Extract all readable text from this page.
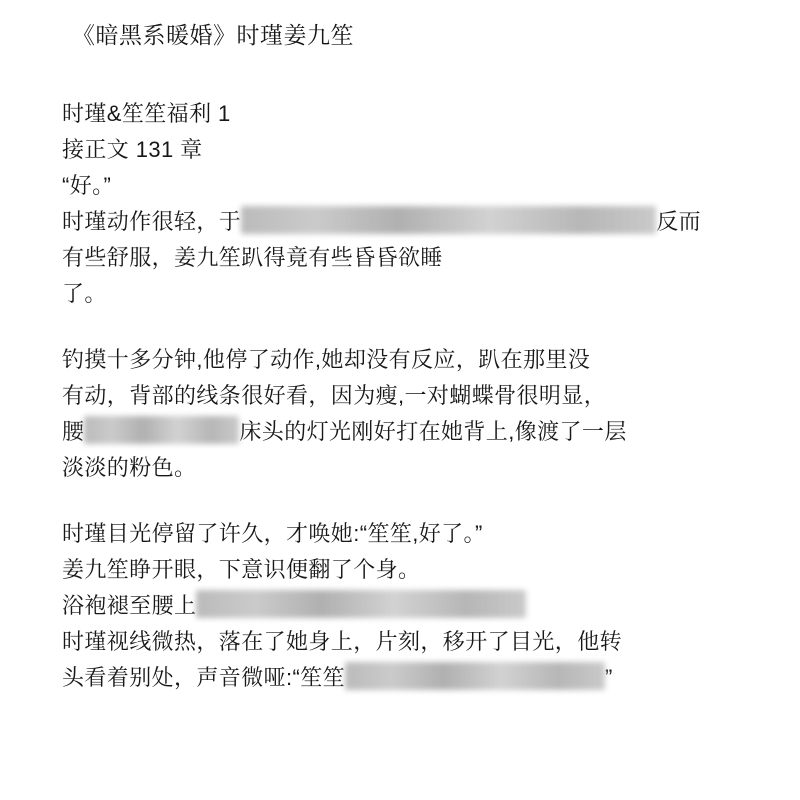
《暗黑系暖婚》时瑾姜九笙
时瑾&笙笙福利 1
接正文 131 章
“好。”
时瑾动作很轻，于	反而
有些舒服，姜九笙趴得竟有些昏昏欲睡
了。
钓摸十多分钟,他停了动作,她却没有反应，趴在那里没
有动，背部的线条很好看，因为瘦,一对蝴蝶骨很明显，
腰	床头的灯光刚好打在她背上,像渡了一层
淡淡的粉色。
时瑾目光停留了许久，才唤她:“笙笙,好了。”
姜九笙睁开眼，下意识便翻了个身。
浴袍褪至腰上
时瑾视线微热，落在了她身上，片刻，移开了目光，他转
头看着别处，声音微哑:“笙笙	”
